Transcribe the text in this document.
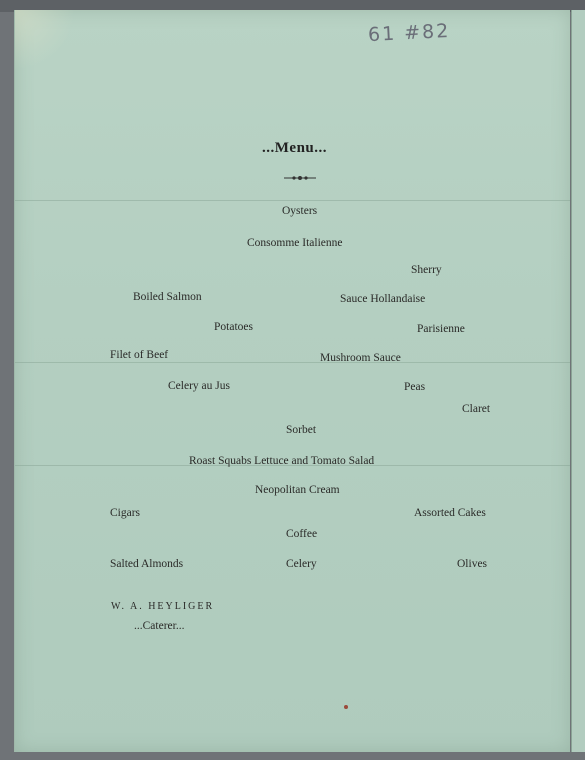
61 #82
...Menu...
Oysters
Consomme Italienne
Sherry
Boiled Salmon	Sauce Hollandaise
Potatoes	Parisienne
Filet of Beef	Mushroom Sauce
Celery au Jus	Peas
Claret
Sorbet
Roast Squabs Lettuce and Tomato Salad
Neopolitan Cream
Cigars	Assorted Cakes
Coffee
Salted Almonds	Celery	Olives
W. A. HEYLIGER
...Caterer...
